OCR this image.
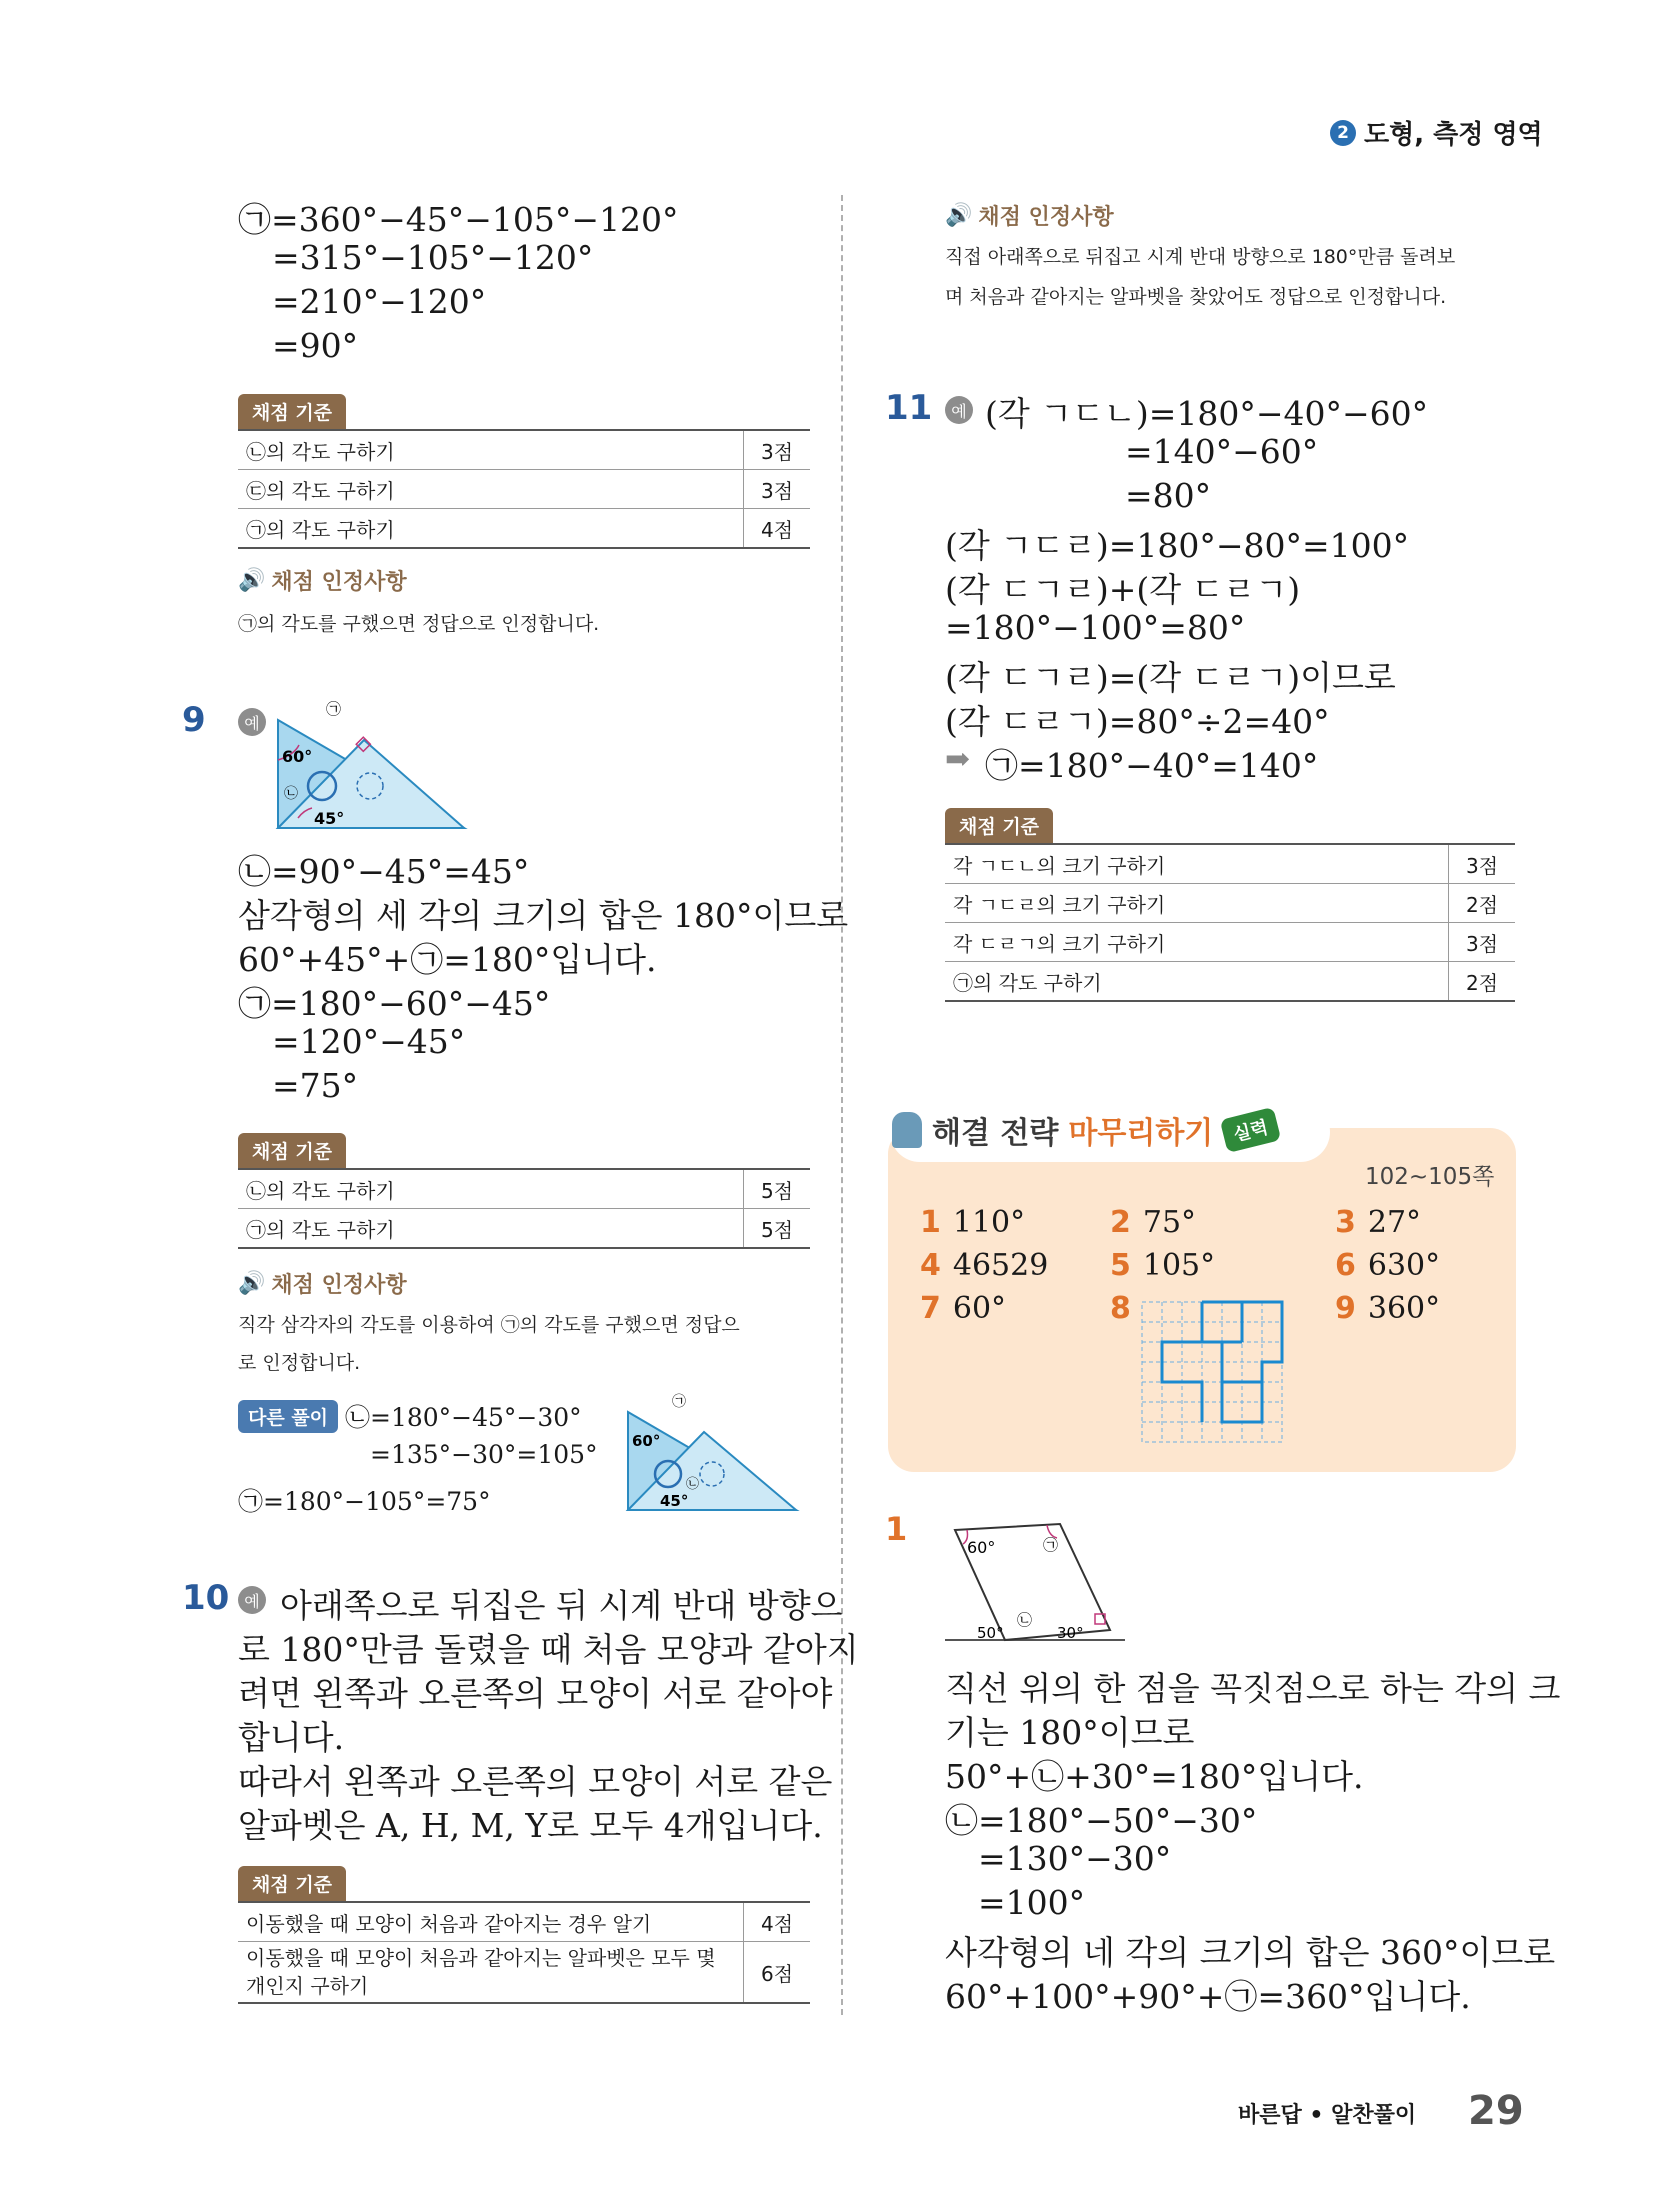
2 도형, 측정 영역
㉠=360°−45°−105°−120°
=315°−105°−120°
=210°−120°
=90°
채점 기준
㉡의 각도 구하기	3점
㉢의 각도 구하기	3점
㉠의 각도 구하기	4점
🔊 채점 인정사항
㉠의 각도를 구했으면 정답으로 인정합니다.
9	예
㉠
60°
㉡
45°
㉡=90°−45°=45°
삼각형의 세 각의 크기의 합은 180°이므로
60°+45°+㉠=180°입니다.
㉠=180°−60°−45°
=120°−45°
=75°
채점 기준
㉡의 각도 구하기	5점
㉠의 각도 구하기	5점
🔊 채점 인정사항
직각 삼각자의 각도를 이용하여 ㉠의 각도를 구했으면 정답으
로 인정합니다.
다른 풀이 ㉡=180°−45°−30°
=135°−30°=105°
㉠=180°−105°=75°
㉠
60°
㉡
45°
10 예 아래쪽으로 뒤집은 뒤 시계 반대 방향으
로 180°만큼 돌렸을 때 처음 모양과 같아지
려면 왼쪽과 오른쪽의 모양이 서로 같아야
합니다.
따라서 왼쪽과 오른쪽의 모양이 서로 같은
알파벳은 A, H, M, Y로 모두 4개입니다.
채점 기준
이동했을 때 모양이 처음과 같아지는 경우 알기	4점
이동했을 때 모양이 처음과 같아지는 알파벳은 모두 몇 개인지 구하기	6점
🔊 채점 인정사항
직접 아래쪽으로 뒤집고 시계 반대 방향으로 180°만큼 돌려보
며 처음과 같아지는 알파벳을 찾았어도 정답으로 인정합니다.
11	예 (각 ㄱㄷㄴ)=180°−40°−60°
=140°−60°
=80°
(각 ㄱㄷㄹ)=180°−80°=100°
(각 ㄷㄱㄹ)+(각 ㄷㄹㄱ)
=180°−100°=80°
(각 ㄷㄱㄹ)=(각 ㄷㄹㄱ)이므로
(각 ㄷㄹㄱ)=80°÷2=40°
➡ ㉠=180°−40°=140°
채점 기준
각 ㄱㄷㄴ의 크기 구하기	3점
각 ㄱㄷㄹ의 크기 구하기	2점
각 ㄷㄹㄱ의 크기 구하기	3점
㉠의 각도 구하기	2점
해결 전략 마무리하기	실력
102~105쪽
1 110°	2 75°	3 27°
4 46529 5 105°	6 630°
7 60°	8	9 360°
1	60°	㉠
㉡
50°	30°
직선 위의 한 점을 꼭짓점으로 하는 각의 크
기는 180°이므로
50°+㉡+30°=180°입니다.
㉡=180°−50°−30°
=130°−30°
=100°
사각형의 네 각의 크기의 합은 360°이므로
60°+100°+90°+㉠=360°입니다.
바른답 • 알찬풀이 29
